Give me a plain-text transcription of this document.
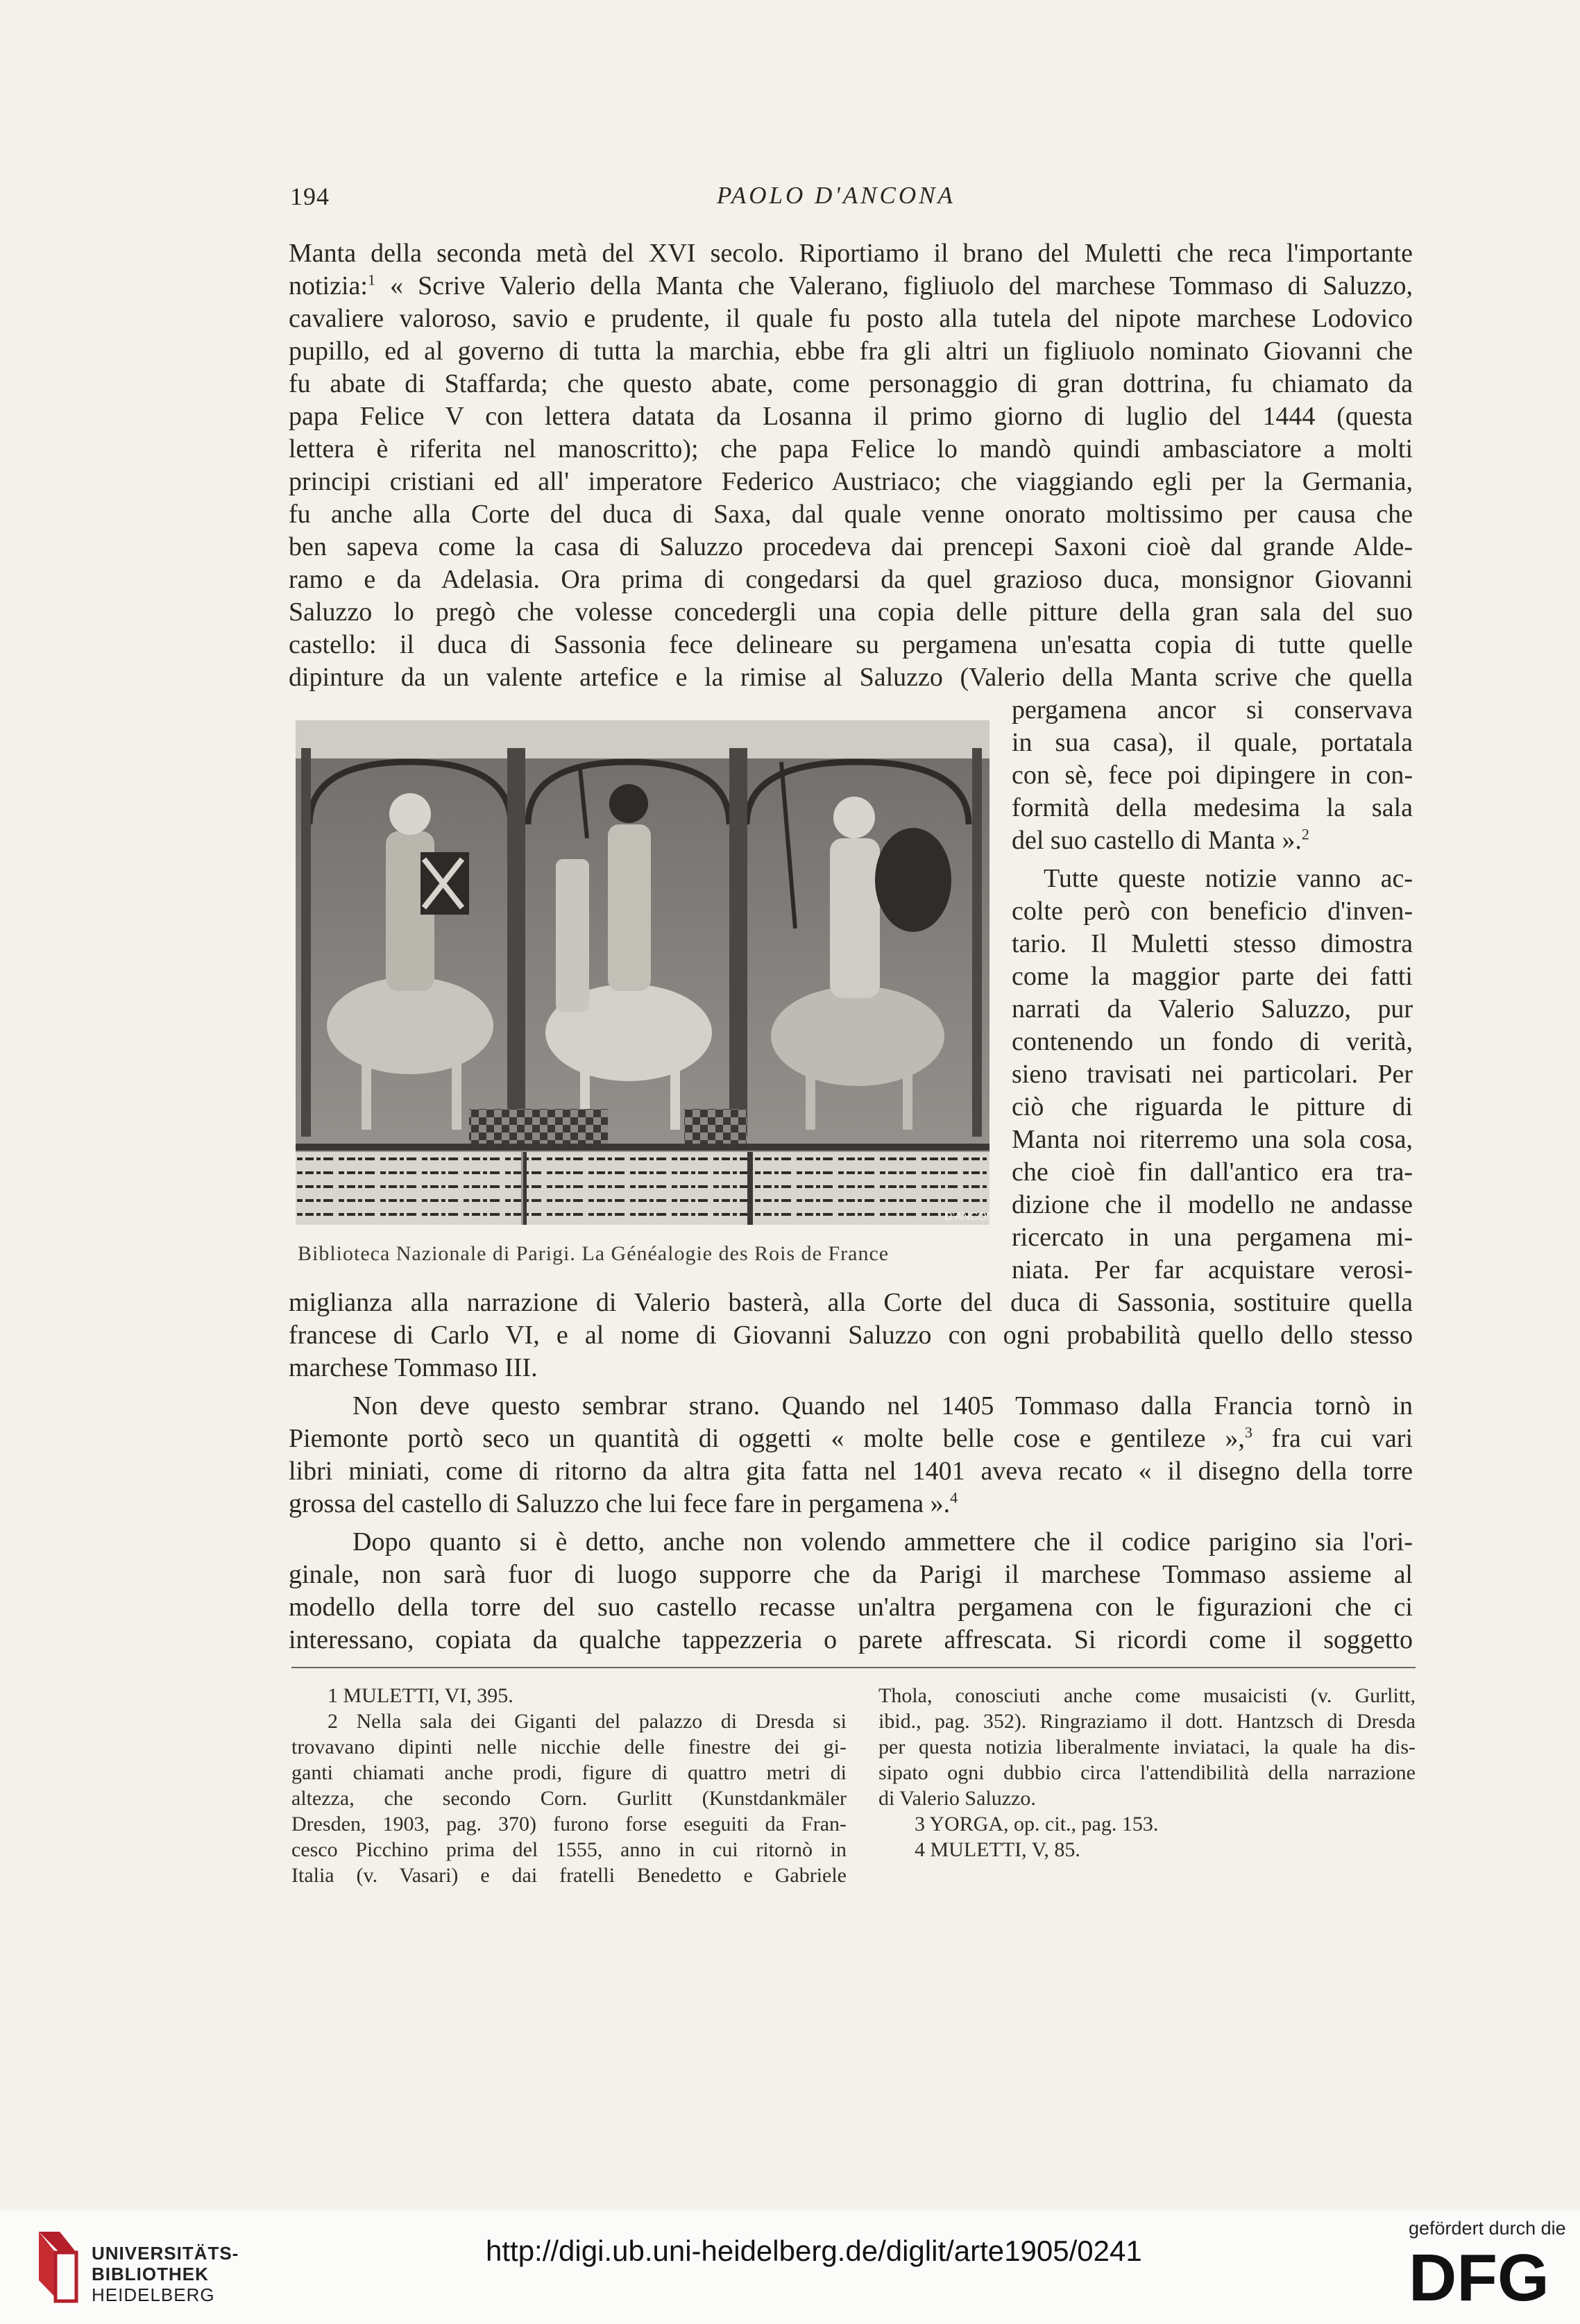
194	PAOLO D'ANCONA
Manta della seconda metà del XVI secolo. Riportiamo il brano del Muletti che reca l'importante
notizia:$^1$ « Scrive Valerio della Manta che Valerano, figliuolo del marchese Tommaso di Saluzzo,
cavaliere valoroso, savio e prudente, il quale fu posto alla tutela del nipote marchese Lodovico
pupillo, ed al governo di tutta la marchia, ebbe fra gli altri un figliuolo nominato Giovanni che
fu abate di Staffarda; che questo abate, come personaggio di gran dottrina, fu chiamato da
papa Felice V con lettera datata da Losanna il primo giorno di luglio del 1444 (questa
lettera è riferita nel manoscritto); che papa Felice lo mandò quindi ambasciatore a molti
principi cristiani ed all' imperatore Federico Austriaco; che viaggiando egli per la Germania,
fu anche alla Corte del duca di Saxa, dal quale venne onorato moltissimo per causa che
ben sapeva come la casa di Saluzzo procedeva dai prencepi Saxoni cioè dal grande Alde-
ramo e da Adelasia. Ora prima di congedarsi da quel grazioso duca, monsignor Giovanni
Saluzzo lo pregò che volesse concedergli una copia delle pitture della gran sala del suo
castello: il duca di Sassonia fece delineare su pergamena un'esatta copia di tutte quelle
dipinture da un valente artefice e la rimise al Saluzzo (Valerio della Manta scrive che quella
D'ANCONA
Biblioteca Nazionale di Parigi. La Généalogie des Rois de France
pergamena ancor si conservava
in sua casa), il quale, portatala
con sè, fece poi dipingere in con-
formità della medesima la sala
del suo castello di Manta ».$^2$
Tutte queste notizie vanno ac-
colte però con beneficio d'inven-
tario. Il Muletti stesso dimostra
come la maggior parte dei fatti
narrati da Valerio Saluzzo, pur
contenendo un fondo di verità,
sieno travisati nei particolari. Per
ciò che riguarda le pitture di
Manta noi riterremo una sola cosa,
che cioè fin dall'antico era tra-
dizione che il modello ne andasse
ricercato in una pergamena mi-
niata. Per far acquistare verosi-
miglianza alla narrazione di Valerio basterà, alla Corte del duca di Sassonia, sostituire quella
francese di Carlo VI, e al nome di Giovanni Saluzzo con ogni probabilità quello dello stesso
marchese Tommaso III.
Non deve questo sembrar strano. Quando nel 1405 Tommaso dalla Francia tornò in
Piemonte portò seco un quantità di oggetti « molte belle cose e gentileze »,$^3$ fra cui vari
libri miniati, come di ritorno da altra gita fatta nel 1401 aveva recato « il disegno della torre
grossa del castello di Saluzzo che lui fece fare in pergamena ».$^4$
Dopo quanto si è detto, anche non volendo ammettere che il codice parigino sia l'ori-
ginale, non sarà fuor di luogo supporre che da Parigi il marchese Tommaso assieme al
modello della torre del suo castello recasse un'altra pergamena con le figurazioni che ci
interessano, copiata da qualche tappezzeria o parete affrescata. Si ricordi come il soggetto
1 MULETTI, VI, 395.
2 Nella sala dei Giganti del palazzo di Dresda si
trovavano dipinti nelle nicchie delle finestre dei gi-
ganti chiamati anche prodi, figure di quattro metri di
altezza, che secondo Corn. Gurlitt (Kunstdankmäler
Dresden, 1903, pag. 370) furono forse eseguiti da Fran-
cesco Picchino prima del 1555, anno in cui ritornò in
Italia (v. Vasari) e dai fratelli Benedetto e Gabriele
Thola, conosciuti anche come musaicisti (v. Gurlitt,
ibid., pag. 352). Ringraziamo il dott. Hantzsch di Dresda
per questa notizia liberalmente inviataci, la quale ha dis-
sipato ogni dubbio circa l'attendibilità della narrazione
di Valerio Saluzzo.
3 YORGA, op. cit., pag. 153.
4 MULETTI, V, 85.
UNIVERSITÄTS-
BIBLIOTHEK
HEIDELBERG
http://digi.ub.uni-heidelberg.de/diglit/arte1905/0241
gefördert durch die
DFG
